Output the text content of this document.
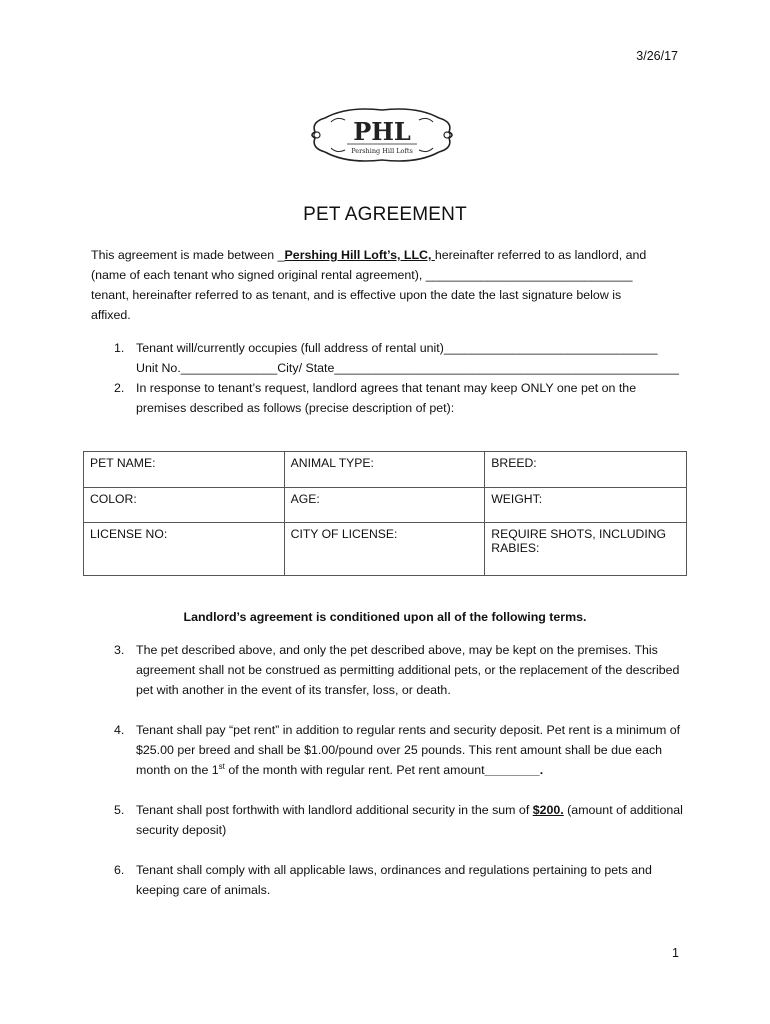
3/26/17
PHL
Pershing Hill Lofts
PET AGREEMENT
This agreement is made between _Pershing Hill Loft’s, LLC, hereinafter referred to as landlord, and
(name of each tenant who signed original rental agreement), ______________________________
tenant, hereinafter referred to as tenant, and is effective upon the date the last signature below is
affixed.
1. Tenant will/currently occupies (full address of rental unit)_______________________________
Unit No.______________City/ State__________________________________________________
2. In response to tenant’s request, landlord agrees that tenant may keep ONLY one pet on the
premises described as follows (precise description of pet):
PET NAME:	ANIMAL TYPE:	BREED:
COLOR:	AGE:	WEIGHT:
LICENSE NO:	CITY OF LICENSE:	REQUIRE SHOTS, INCLUDING RABIES:
Landlord’s agreement is conditioned upon all of the following terms.
3. The pet described above, and only the pet described above, may be kept on the premises. This agreement shall not be construed as permitting additional pets, or the replacement of the described pet with another in the event of its transfer, loss, or death.
4. Tenant shall pay “pet rent” in addition to regular rents and security deposit. Pet rent is a minimum of $25.00 per breed and shall be $1.00/pound over 25 pounds. This rent amount shall be due each month on the 1st of the month with regular rent. Pet rent amount________.
5. Tenant shall post forthwith with landlord additional security in the sum of $200. (amount of additional security deposit)
6. Tenant shall comply with all applicable laws, ordinances and regulations pertaining to pets and keeping care of animals.
1
